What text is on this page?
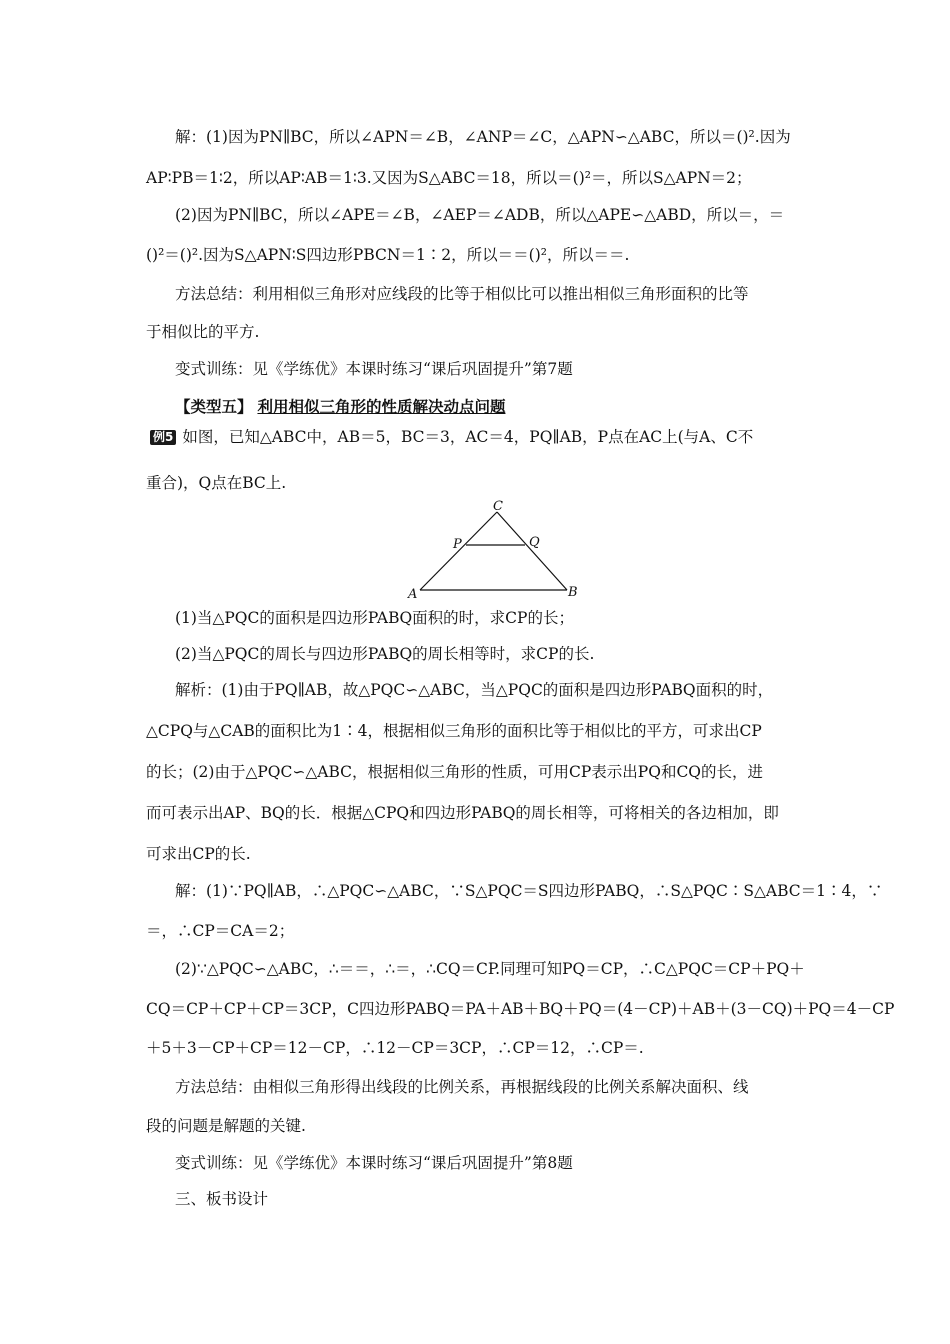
解：(1)因为PN∥BC，所以∠APN＝∠B，∠ANP＝∠C，△APN∽△ABC，所以＝()².因为
AP∶PB＝1∶2，所以AP∶AB＝1∶3.又因为S△ABC＝18，所以＝()²＝，所以S△APN＝2；
(2)因为PN∥BC，所以∠APE＝∠B，∠AEP＝∠ADB，所以△APE∽△ABD，所以＝，＝
()²＝()².因为S△APN∶S四边形PBCN＝1∶2，所以＝＝()²，所以＝＝.
方法总结：利用相似三角形对应线段的比等于相似比可以推出相似三角形面积的比等
于相似比的平方.
变式训练：见《学练优》本课时练习“课后巩固提升”第7题
【类型五】 利用相似三角形的性质解决动点问题
例5 如图，已知△ABC中，AB＝5，BC＝3，AC＝4，PQ∥AB，P点在AC上(与A、C不
重合)，Q点在BC上.
C
P	Q
A	B
(1)当△PQC的面积是四边形PABQ面积的时，求CP的长；
(2)当△PQC的周长与四边形PABQ的周长相等时，求CP的长.
解析：(1)由于PQ∥AB，故△PQC∽△ABC，当△PQC的面积是四边形PABQ面积的时，
△CPQ与△CAB的面积比为1∶4，根据相似三角形的面积比等于相似比的平方，可求出CP
的长；(2)由于△PQC∽△ABC，根据相似三角形的性质，可用CP表示出PQ和CQ的长，进
而可表示出AP、BQ的长．根据△CPQ和四边形PABQ的周长相等，可将相关的各边相加，即
可求出CP的长.
解：(1)∵PQ∥AB，∴△PQC∽△ABC，∵S△PQC＝S四边形PABQ，∴S△PQC∶S△ABC＝1∶4，∵
＝，∴CP＝CA＝2；
(2)∵△PQC∽△ABC，∴＝＝，∴＝，∴CQ＝CP.同理可知PQ＝CP，∴C△PQC＝CP＋PQ＋
CQ＝CP＋CP＋CP＝3CP，C四边形PABQ＝PA＋AB＋BQ＋PQ＝(4－CP)＋AB＋(3－CQ)＋PQ＝4－CP
＋5＋3－CP＋CP＝12－CP，∴12－CP＝3CP，∴CP＝12，∴CP＝.
方法总结：由相似三角形得出线段的比例关系，再根据线段的比例关系解决面积、线
段的问题是解题的关键.
变式训练：见《学练优》本课时练习“课后巩固提升”第8题
三、板书设计
